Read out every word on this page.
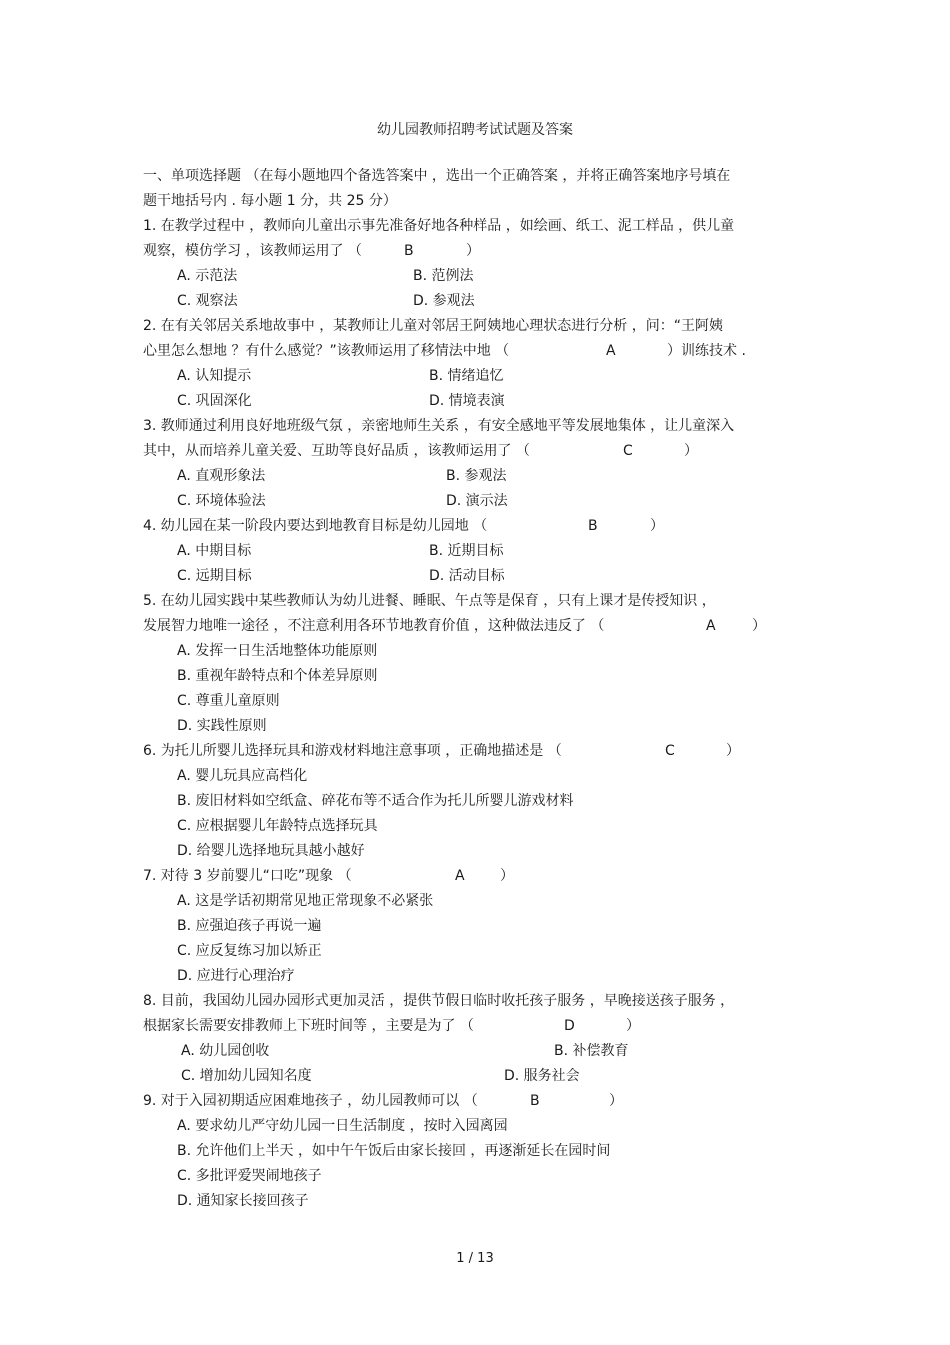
幼儿园教师招聘考试试题及答案
一、单项选择题 （在每小题地四个备选答案中 ，选出一个正确答案 ，并将正确答案地序号填在
题干地括号内 . 每小题 1 分，共 25 分）
1. 在教学过程中 ，教师向儿童出示事先准备好地各种样品 ，如绘画、纸工、泥工样品 ，供儿童
观察，模仿学习 ，该教师运用了 （	B	）
A. 示范法	B. 范例法
C. 观察法	D. 参观法
2. 在有关邻居关系地故事中 ，某教师让儿童对邻居王阿姨地心理状态进行分析 ，问：“王阿姨
心里怎么想地 ？有什么感觉？”该教师运用了移情法中地 （	A	）训练技术 .
A. 认知提示	B. 情绪追忆
C. 巩固深化	D. 情境表演
3. 教师通过利用良好地班级气氛 ，亲密地师生关系 ，有安全感地平等发展地集体 ，让儿童深入
其中，从而培养儿童关爱、互助等良好品质 ，该教师运用了 （	C	）
A. 直观形象法	B. 参观法
C. 环境体验法	D. 演示法
4. 幼儿园在某一阶段内要达到地教育目标是幼儿园地 （	B	）
A. 中期目标	B. 近期目标
C. 远期目标	D. 活动目标
5. 在幼儿园实践中某些教师认为幼儿进餐、睡眠、午点等是保育 ，只有上课才是传授知识 ，
发展智力地唯一途径 ，不注意利用各环节地教育价值 ，这种做法违反了 （	A	）
A. 发挥一日生活地整体功能原则
B. 重视年龄特点和个体差异原则
C. 尊重儿童原则
D. 实践性原则
6. 为托儿所婴儿选择玩具和游戏材料地注意事项 ，正确地描述是 （	C	）
A. 婴儿玩具应高档化
B. 废旧材料如空纸盒、碎花布等不适合作为托儿所婴儿游戏材料
C. 应根据婴儿年龄特点选择玩具
D. 给婴儿选择地玩具越小越好
7. 对待 3 岁前婴儿“口吃”现象 （	A	）
A. 这是学话初期常见地正常现象不必紧张
B. 应强迫孩子再说一遍
C. 应反复练习加以矫正
D. 应进行心理治疗
8. 目前，我国幼儿园办园形式更加灵活 ，提供节假日临时收托孩子服务 ，早晚接送孩子服务 ，
根据家长需要安排教师上下班时间等 ，主要是为了 （	D	）
A. 幼儿园创收	B. 补偿教育
C. 增加幼儿园知名度	D. 服务社会
9. 对于入园初期适应困难地孩子 ，幼儿园教师可以 （	B	）
A. 要求幼儿严守幼儿园一日生活制度 ，按时入园离园
B. 允许他们上半天 ，如中午午饭后由家长接回 ，再逐渐延长在园时间
C. 多批评爱哭闹地孩子
D. 通知家长接回孩子
1 / 13
